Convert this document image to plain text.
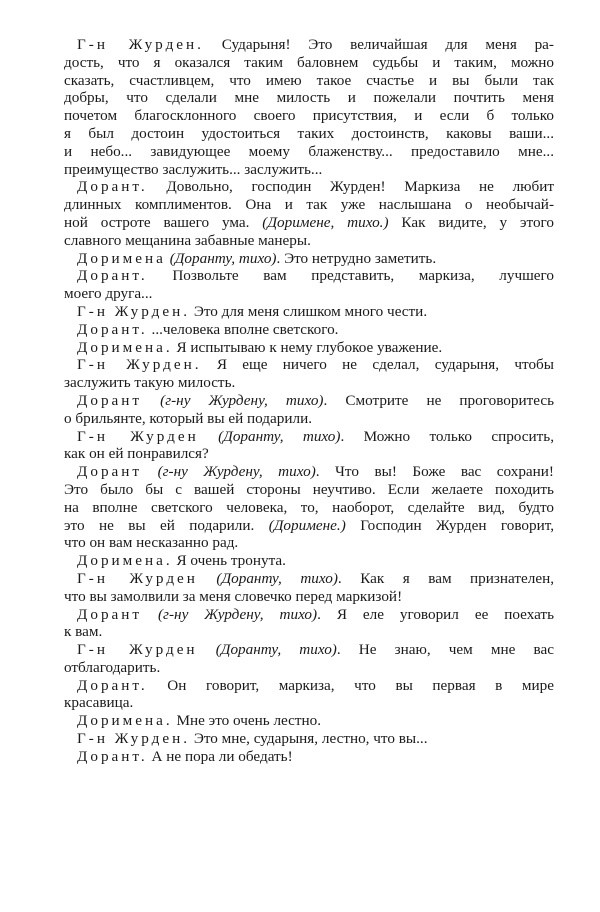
Г-н Журден. Сударыня! Это величайшая для меня ра-
дость, что я оказался таким баловнем судьбы и таким, можно
сказать, счастливцем, что имею такое счастье и вы были так
добры, что сделали мне милость и пожелали почтить меня
почетом благосклонного своего присутствия, и если б только
я был достоин удостоиться таких достоинств, каковы ваши...
и небо... завидующее моему блаженству... предоставило мне...
преимущество заслужить... заслужить...
Дорант. Довольно, господин Журден! Маркиза не любит
длинных комплиментов. Она и так уже наслышана о необычай-
ной остроте вашего ума. (Доримене, тихо.) Как видите, у этого
славного мещанина забавные манеры.
Доримена (Доранту, тихо). Это нетрудно заметить.
Дорант. Позвольте вам представить, маркиза, лучшего
моего друга...
Г-н Журден. Это для меня слишком много чести.
Дорант. ...человека вполне светского.
Доримена. Я испытываю к нему глубокое уважение.
Г-н Журден. Я еще ничего не сделал, сударыня, чтобы
заслужить такую милость.
Дорант (г-ну Журдену, тихо). Смотрите не проговоритесь
о брильянте, который вы ей подарили.
Г-н Журден (Доранту, тихо). Можно только спросить,
как он ей понравился?
Дорант (г-ну Журдену, тихо). Что вы! Боже вас сохрани!
Это было бы с вашей стороны неучтиво. Если желаете походить
на вполне светского человека, то, наоборот, сделайте вид, будто
это не вы ей подарили. (Доримене.) Господин Журден говорит,
что он вам несказанно рад.
Доримена. Я очень тронута.
Г-н Журден (Доранту, тихо). Как я вам признателен,
что вы замолвили за меня словечко перед маркизой!
Дорант (г-ну Журдену, тихо). Я еле уговорил ее поехать
к вам.
Г-н Журден (Доранту, тихо). Не знаю, чем мне вас
отблагодарить.
Дорант. Он говорит, маркиза, что вы первая в мире
красавица.
Доримена. Мне это очень лестно.
Г-н Журден. Это мне, сударыня, лестно, что вы...
Дорант. А не пора ли обедать!
